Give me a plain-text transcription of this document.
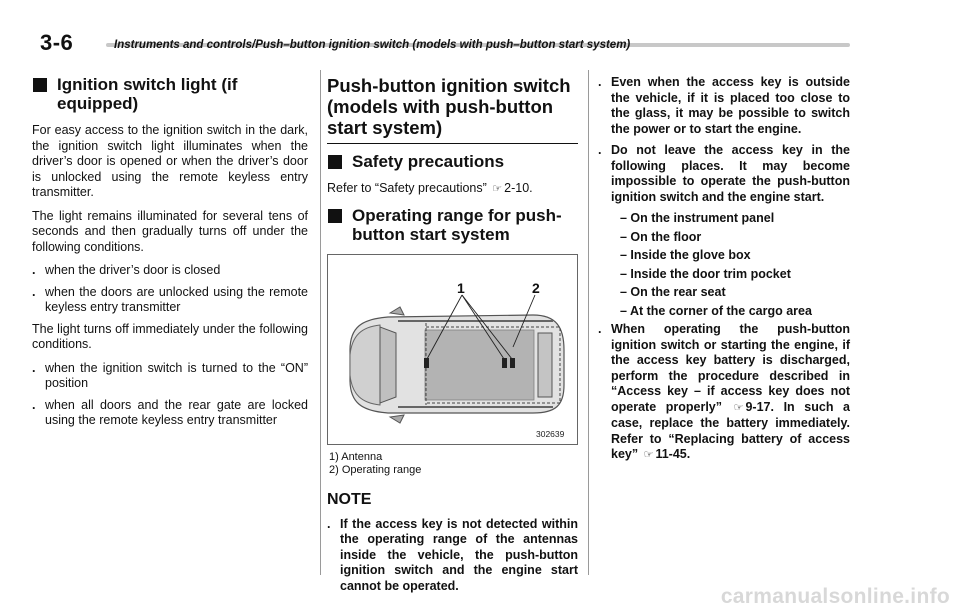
3-6	Instruments and controls/Push–button ignition switch (models with push–button start system)
Ignition switch light (if equipped)

For easy access to the ignition switch in the dark, the ignition switch light illuminates when the driver’s door is opened or when the driver’s door is unlocked using the remote keyless entry transmitter.

The light remains illuminated for several tens of seconds and then gradually turns off under the following conditions.

. when the driver’s door is closed
. when the doors are unlocked using the remote keyless entry transmitter

The light turns off immediately under the following conditions.

. when the ignition switch is turned to the “ON” position
. when all doors and the rear gate are locked using the remote keyless entry transmitter
Push-button ignition switch (models with push-button start system)
Safety precautions

Refer to “Safety precautions” ☞ 2-10.

Operating range for push-button start system
1	2
302639
1) Antenna
2) Operating range
NOTE
. If the access key is not detected within the operating range of the antennas inside the vehicle, the push-button ignition switch and the engine start cannot be operated.
. Even when the access key is outside the vehicle, if it is placed too close to the glass, it may be possible to switch the power or to start the engine.
. Do not leave the access key in the following places. It may become impossible to operate the push-button ignition switch and the engine start.
– On the instrument panel
– On the floor
– Inside the glove box
– Inside the door trim pocket
– On the rear seat
– At the corner of the cargo area
. When operating the push-button ignition switch or starting the engine, if the access key battery is discharged, perform the procedure described in “Access key – if access key does not operate properly” ☞ 9-17. In such a case, replace the battery immediately. Refer to “Replacing battery of access key” ☞ 11-45.
carmanualsonline.info
